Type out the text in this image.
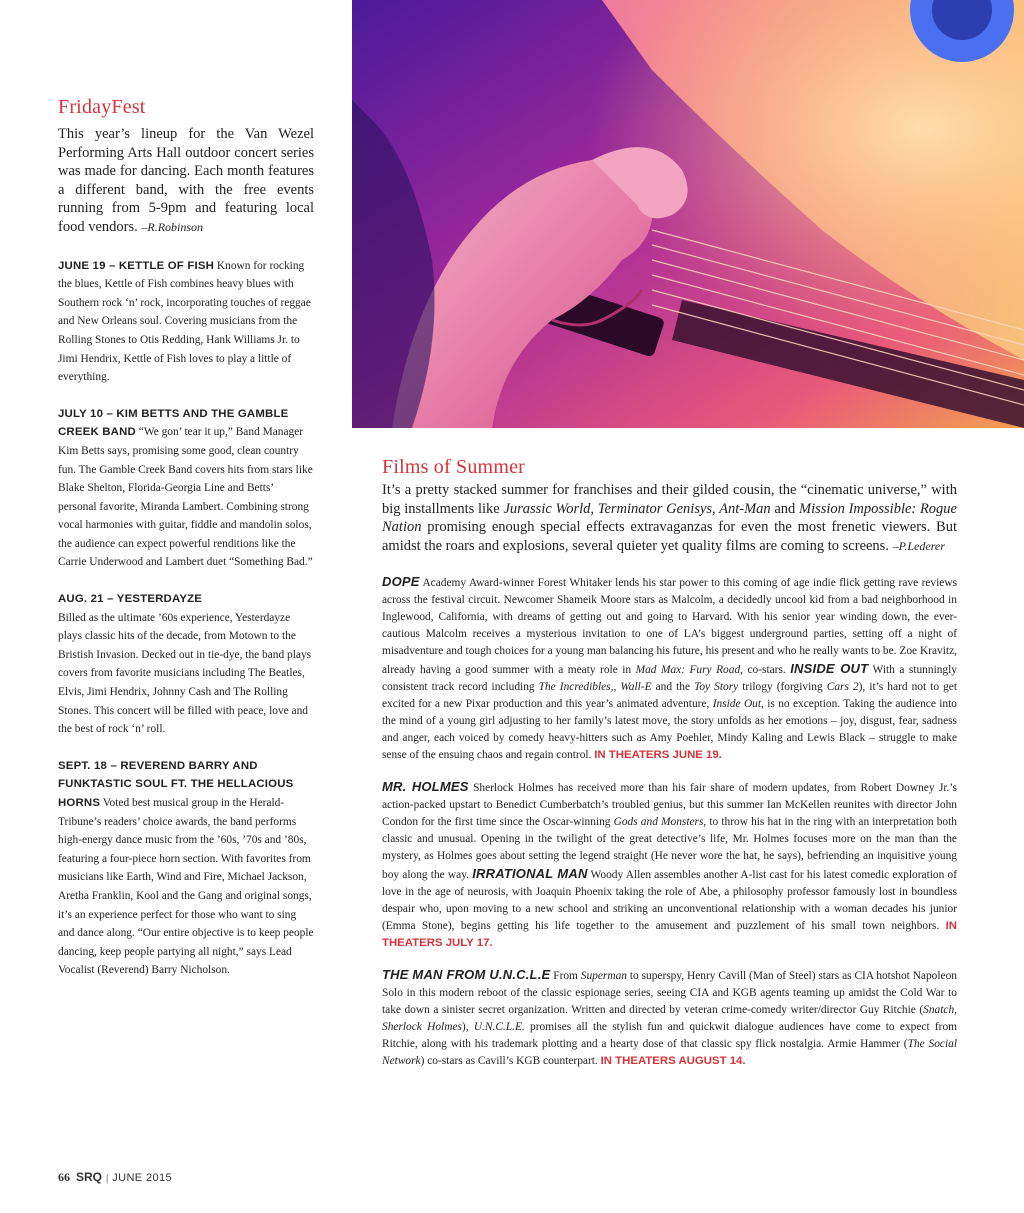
FridayFest

This year’s lineup for the Van Wezel Performing Arts Hall outdoor concert series was made for dancing. Each month features a different band, with the free events running from 5-9pm and featuring local food vendors. –R.Robinson

JUNE 19 – KETTLE OF FISH Known for rocking the blues, Kettle of Fish combines heavy blues with Southern rock ‘n’ rock, incorporating touches of reggae and New Orleans soul. Covering musicians from the Rolling Stones to Otis Redding, Hank Williams Jr. to Jimi Hendrix, Kettle of Fish loves to play a little of everything.

JULY 10 – KIM BETTS AND THE GAMBLE CREEK BAND “We gon’ tear it up,” Band Manager Kim Betts says, promising some good, clean country fun. The Gamble Creek Band covers hits from stars like Blake Shelton, Florida-Georgia Line and Betts’ personal favorite, Miranda Lambert. Combining strong vocal harmonies with guitar, fiddle and mandolin solos, the audience can expect powerful renditions like the Carrie Underwood and Lambert duet “Something Bad.”

AUG. 21 – YESTERDAYZE
Billed as the ultimate ’60s experience, Yesterdayze plays classic hits of the decade, from Motown to the Bristish Invasion. Decked out in tie-dye, the band plays covers from favorite musicians including The Beatles, Elvis, Jimi Hendrix, Johnny Cash and The Rolling Stones. This concert will be filled with peace, love and the best of rock ‘n’ roll.

SEPT. 18 – REVEREND BARRY AND FUNKTASTIC SOUL FT. THE HELLACIOUS HORNS Voted best musical group in the Herald-Tribune’s readers’ choice awards, the band performs high-energy dance music from the ’60s, ’70s and ’80s, featuring a four-piece horn section. With favorites from musicians like Earth, Wind and Fire, Michael Jackson, Aretha Franklin, Kool and the Gang and original songs, it’s an experience perfect for those who want to sing and dance along. “Our entire objective is to keep people dancing, keep people partying all night,” says Lead Vocalist (Reverend) Barry Nicholson.

Films of Summer

It’s a pretty stacked summer for franchises and their gilded cousin, the “cinematic universe,” with big installments like Jurassic World, Terminator Genisys, Ant-Man and Mission Impossible: Rogue Nation promising enough special effects extravaganzas for even the most frenetic viewers. But amidst the roars and explosions, several quieter yet quality films are coming to screens. –P.Lederer

DOPE Academy Award-winner Forest Whitaker lends his star power to this coming of age indie flick getting rave reviews across the festival circuit. Newcomer Shameik Moore stars as Malcolm, a decidedly uncool kid from a bad neighborhood in Inglewood, California, with dreams of getting out and going to Harvard. With his senior year winding down, the ever-cautious Malcolm receives a mysterious invitation to one of LA’s biggest underground parties, setting off a night of misadventure and tough choices for a young man balancing his future, his present and who he really wants to be. Zoe Kravitz, already having a good summer with a meaty role in Mad Max: Fury Road, co-stars. INSIDE OUT With a stunningly consistent track record including The Incredibles,, Wall-E and the Toy Story trilogy (forgiving Cars 2), it’s hard not to get excited for a new Pixar production and this year’s animated adventure, Inside Out, is no exception. Taking the audience into the mind of a young girl adjusting to her family’s latest move, the story unfolds as her emotions – joy, disgust, fear, sadness and anger, each voiced by comedy heavy-hitters such as Amy Poehler, Mindy Kaling and Lewis Black – struggle to make sense of the ensuing chaos and regain control. IN THEATERS JUNE 19.

MR. HOLMES Sherlock Holmes has received more than his fair share of modern updates, from Robert Downey Jr.’s action-packed upstart to Benedict Cumberbatch’s troubled genius, but this summer Ian McKellen reunites with director John Condon for the first time since the Oscar-winning Gods and Monsters, to throw his hat in the ring with an interpretation both classic and unusual. Opening in the twilight of the great detective’s life, Mr. Holmes focuses more on the man than the mystery, as Holmes goes about setting the legend straight (He never wore the hat, he says), befriending an inquisitive young boy along the way. IRRATIONAL MAN Woody Allen assembles another A-list cast for his latest comedic exploration of love in the age of neurosis, with Joaquin Phoenix taking the role of Abe, a philosophy professor famously lost in boundless despair who, upon moving to a new school and striking an unconventional relationship with a woman decades his junior (Emma Stone), begins getting his life together to the amusement and puzzlement of his small town neighbors. IN THEATERS JULY 17.

THE MAN FROM U.N.C.L.E From Superman to superspy, Henry Cavill (Man of Steel) stars as CIA hotshot Napoleon Solo in this modern reboot of the classic espionage series, seeing CIA and KGB agents teaming up amidst the Cold War to take down a sinister secret organization. Written and directed by veteran crime-comedy writer/director Guy Ritchie (Snatch, Sherlock Holmes), U.N.C.L.E. promises all the stylish fun and quickwit dialogue audiences have come to expect from Ritchie, along with his trademark plotting and a hearty dose of that classic spy flick nostalgia. Armie Hammer (The Social Network) co-stars as Cavill’s KGB counterpart. IN THEATERS AUGUST 14.

66 SRQ | JUNE 2015
